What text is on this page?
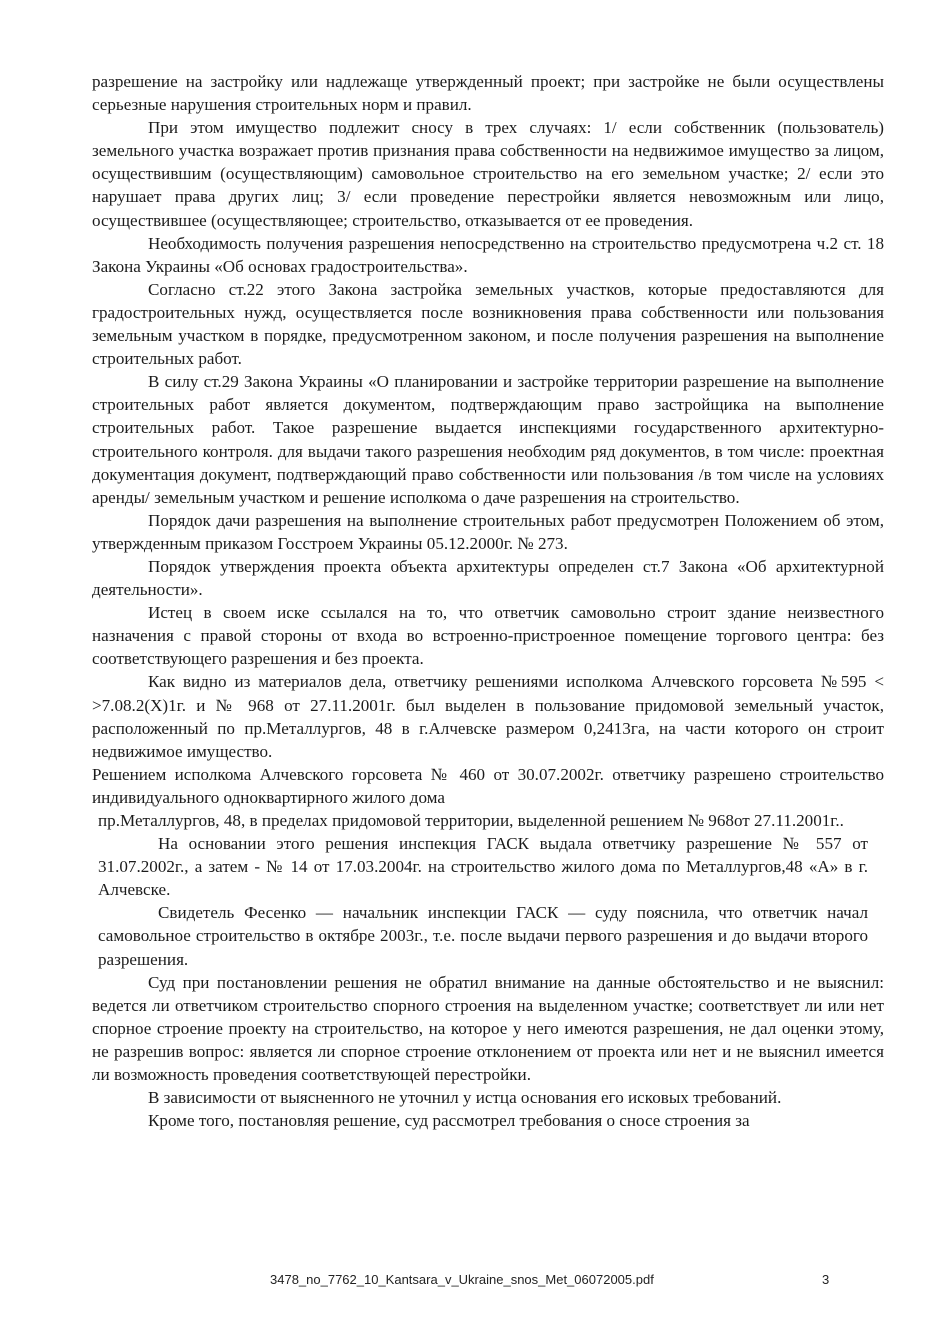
разрешение на застройку или надлежаще утвержденный проект; при застройке не были осуществлены серьезные нарушения строительных норм и правил.

При этом имущество подлежит сносу в трех случаях: 1/ если собственник (пользователь) земельного участка возражает против признания права собственности на недвижимое имущество за лицом, осуществившим (осуществляющим) самовольное строительство на его земельном участке; 2/ если это нарушает права других лиц; 3/ если проведение перестройки является невозможным или лицо, осуществившее (осуществляющее; строительство, отказывается от ее проведения.

Необходимость получения разрешения непосредственно на строительство предусмотрена ч.2 ст. 18 Закона Украины «Об основах градостроительства».

Согласно ст.22 этого Закона застройка земельных участков, которые предоставляются для градостроительных нужд, осуществляется после возникновения права собственности или пользования земельным участком в порядке, предусмотренном законом, и после получения разрешения на выполнение строительных работ.

В силу ст.29 Закона Украины «О планировании и застройке территории разрешение на выполнение строительных работ является документом, подтверждающим право застройщика на выполнение строительных работ. Такое разрешение выдается инспекциями государственного архитектурно-строительного контроля. для выдачи такого разрешения необходим ряд документов, в том числе: проектная документация документ, подтверждающий право собственности или пользования /в том числе на условиях аренды/ земельным участком и решение исполкома о даче разрешения на строительство.

Порядок дачи разрешения на выполнение строительных работ предусмотрен Положением об этом, утвержденным приказом Госстроем Украины 05.12.2000г. № 273.

Порядок утверждения проекта объекта архитектуры определен ст.7 Закона «Об архитектурной деятельности».

Истец в своем иске ссылался на то, что ответчик самовольно строит здание неизвестного назначения с правой стороны от входа во встроенно-пристроенное помещение торгового центра: без соответствующего разрешения и без проекта.

Как видно из материалов дела, ответчику решениями исполкома Алчевского горсовета №595 < >7.08.2(X)1г. и № 968 от 27.11.2001г. был выделен в пользование придомовой земельный участок, расположенный по пр.Металлургов, 48 в г.Алчевске размером 0,2413га, на части которого он строит недвижимое имущество.

Решением исполкома Алчевского горсовета № 460 от 30.07.2002г. ответчику разрешено строительство индивидуального одноквартирного жилого дома

пр.Металлургов, 48, в пределах придомовой территории, выделенной решением № 968от 27.11.2001г..

На основании этого решения инспекция ГАСК выдала ответчику разрешение № 557 от 31.07.2002г., а затем - № 14 от 17.03.2004г. на строительство жилого дома по Металлургов,48 «А» в г. Алчевске.

Свидетель Фесенко — начальник инспекции ГАСК — суду пояснила, что ответчик начал самовольное строительство в октябре 2003г., т.е. после выдачи первого разрешения и до выдачи второго разрешения.

Суд при постановлении решения не обратил внимание на данные обстоятельство и не выяснил: ведется ли ответчиком строительство спорного строения на выделенном участке; соответствует ли или нет спорное строение проекту на строительство, на которое у него имеются разрешения, не дал оценки этому, не разрешив вопрос: является ли спорное строение отклонением от проекта или нет и не выяснил имеется ли возможность проведения соответствующей перестройки.

В зависимости от выясненного не уточнил у истца основания его исковых требований.

Кроме того, постановляя решение, суд рассмотрел требования о сносе строения за

3478_no_7762_10_Kantsara_v_Ukraine_snos_Met_06072005.pdf	3
